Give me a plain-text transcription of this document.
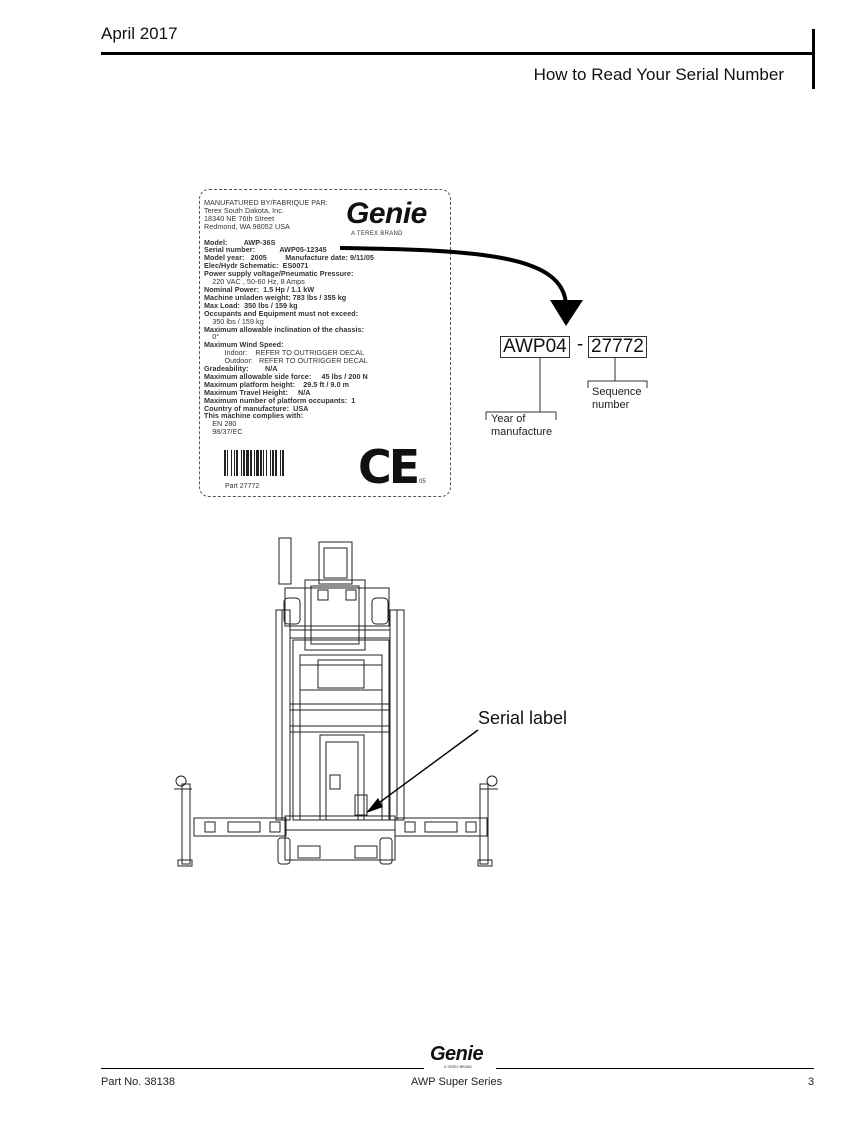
April 2017
How to Read Your Serial Number
MANUFATURED BY/FABRIQUE PAR:
Terex South Dakota, Inc.
18340 NE 76th Street
Redmond, WA 98052 USA

Model:        AWP-36S
Serial number:            AWP05-12345
Model year:   2005         Manufacture date: 9/11/05
Elec/Hydr Schematic:  ES0071
Power supply voltage/Pneumatic Pressure:
220 VAC , 50-60 Hz, 8 Amps
Nominal Power:  1.5 Hp / 1.1 kW
Machine unladen weight: 783 lbs / 355 kg
Max Load:  350 lbs / 159 kg
Occupants and Equipment must not exceed:
350 lbs / 159 kg
Maximum allowable inclination of the chassis:
0°
Maximum Wind Speed:
Indoor:    REFER TO OUTRIGGER DECAL
Outdoor:   REFER TO OUTRIGGER DECAL
Gradeability:        N/A
Maximum allowable side force:     45 lbs / 200 N
Maximum platform height:    29.5 ft / 9.0 m
Maximum Travel Height:     N/A
Maximum number of platform occupants:  1
Country of manufacture:  USA
This machine complies with:
EN 280
98/37/EC
Genie
A TEREX BRAND
Part 27772 CE 05
AWP04 - 27772
Sequence
number
Year of
manufacture
Serial label
Genie
A TEREX BRAND
Part No. 38138	AWP Super Series	3
